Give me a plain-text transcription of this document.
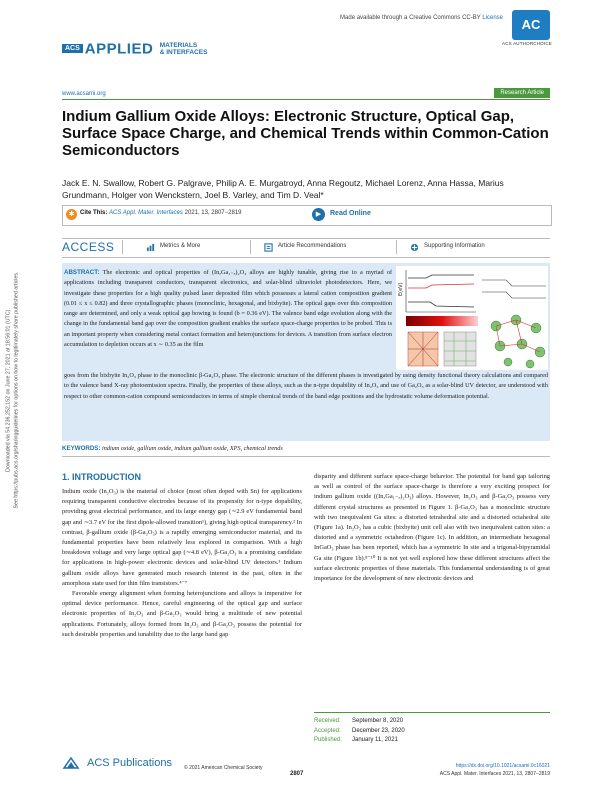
Downloaded via 54.236.252.152 on June 27, 2021 at 18:56:01 (UTC). See https://pubs.acs.org/sharingguidelines for options on how to legitimately share published articles.
Made available through a Creative Commons CC-BY License	AC
ACS AUTHORCHOICE
ACS APPLIED MATERIALS
& INTERFACES
www.acsami.org	Research Article
Indium Gallium Oxide Alloys: Electronic Structure, Optical Gap, Surface Space Charge, and Chemical Trends within Common-Cation Semiconductors
Jack E. N. Swallow, Robert G. Palgrave, Philip A. E. Murgatroyd, Anna Regoutz, Michael Lorenz, Anna Hassa, Marius Grundmann, Holger von Wenckstern, Joel B. Varley, and Tim D. Veal*
✱ Cite This: ACS Appl. Mater. Interfaces 2021, 13, 2807−2819	▶	Read Online
ACCESS	Metrics & More	Article Recommendations	Supporting Information
ABSTRACT: The electronic and optical properties of (InₓGa₁₋ₓ)₂O₃ alloys are highly tunable, giving rise to a myriad of applications including transparent conductors, transparent electronics, and solar-blind ultraviolet photodetectors. Here, we investigate these properties for a high quality pulsed laser deposited film which possesses a lateral cation composition gradient (0.01 ≤ x ≤ 0.82) and three crystallographic phases (monoclinic, hexagonal, and bixbyite). The optical gaps over this composition range are determined, and only a weak optical gap bowing is found (b = 0.36 eV). The valence band edge evolution along with the change in the fundamental band gap over the composition gradient enables the surface space-charge properties to be probed. This is an important property when considering metal contact formation and heterojunctions for devices. A transition from surface electron accumulation to depletion occurs at x ∼ 0.35 as the film
goes from the bixbyite In₂O₃ phase to the monoclinic β-Ga₂O₃ phase. The electronic structure of the different phases is investigated by using density functional theory calculations and compared to the valence band X-ray photoemission spectra. Finally, the properties of these alloys, such as the n-type dopability of In₂O₃ and use of Ga₂O₃ as a solar-blind UV detector, are understood with respect to other common-cation compound semiconductors in terms of simple chemical trends of the band edge positions and the hydrostatic volume deformation potential.
E(eV)
KEYWORDS: indium oxide, gallium oxide, indium gallium oxide, XPS, chemical trends
1. INTRODUCTION
Indium oxide (In₂O₃) is the material of choice (most often doped with Sn) for applications requiring transparent conductive electrodes because of its propensity for n-type dopability, providing great electrical performance, and its large energy gap (∼2.9 eV fundamental band gap and ∼3.7 eV for the first dipole-allowed transition¹), giving high optical transparency.² In contrast, β-gallium oxide (β-Ga₂O₃) is a rapidly emerging semiconductor material, and its fundamental properties have been relatively less explored in comparison. With a high breakdown voltage and very large optical gap (∼4.8 eV), β-Ga₂O₃ is a promising candidate for applications in high-power electronic devices and solar-blind UV detectors.³ Indium gallium oxide alloys have generated much research interest in the past, often in the amorphous state used for thin film transistors.⁴⁻⁷
Favorable energy alignment when forming heterojunctions and alloys is imperative for optimal device performance. Hence, careful engineering of the optical gap and surface electronic properties of In₂O₃ and β-Ga₂O₃ would bring a multitude of new potential applications. Fortunately, alloys formed from In₂O₃ and β-Ga₂O₃ possess the potential for such desirable properties and tunability due to the large band gap
disparity and different surface space-charge behavior. The potential for band gap tailoring as well as control of the surface space-charge is therefore a very exciting prospect for indium gallium oxide ((InₓGa₁₋ₓ)₂O₃) alloys. However, In₂O₃ and β-Ga₂O₃ possess very different crystal structures as presented in Figure 1. β-Ga₂O₃ has a monoclinic structure with two inequivalent Ga sites: a distorted tetrahedral site and a distorted octahedral site (Figure 1a). In₂O₃ has a cubic (bixbyite) unit cell also with two inequivalent cation sites: a distorted and a symmetric octahedron (Figure 1c). In addition, an intermediate hexagonal InGaO₃ phase has been reported, which has a symmetric In site and a trigonal-bipyramidal Ga site (Figure 1b).⁸⁻¹⁰ It is not yet well explored how these different structures affect the surface electronic properties of these materials. This fundamental understanding is of great importance for the development of new electronic devices and
Received: September 8, 2020
Accepted: December 23, 2020
Published: January 11, 2021
ACS Publications © 2021 American Chemical Society
2807
https://dx.doi.org/10.1021/acsami.0c16021
ACS Appl. Mater. Interfaces 2021, 13, 2807−2819
